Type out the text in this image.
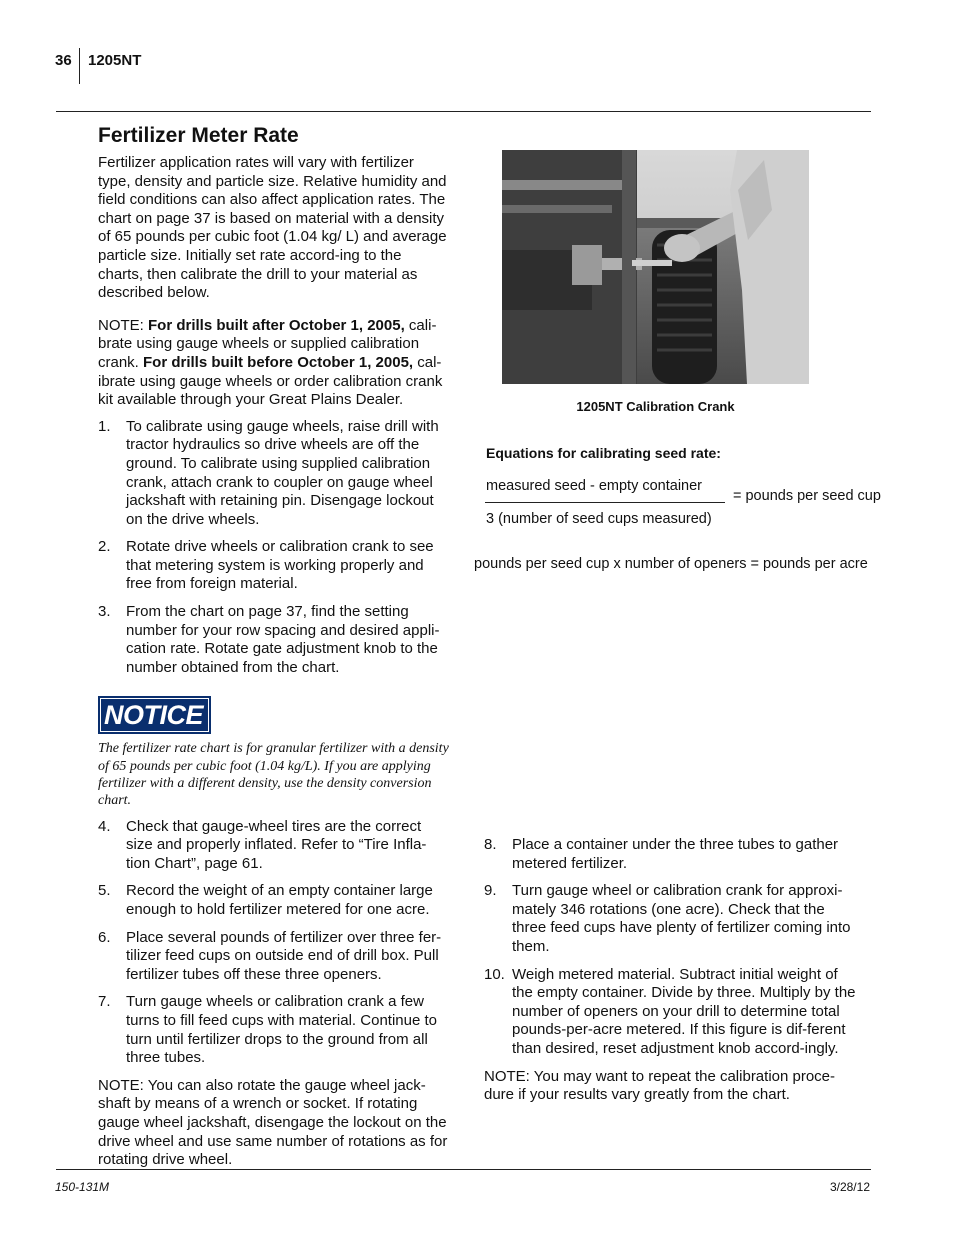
36 1205NT
Fertilizer Meter Rate

Fertilizer application rates will vary with fertilizer type, density and particle size. Relative humidity and field conditions can also affect application rates. The chart on page 37 is based on material with a density of 65 pounds per cubic foot (1.04 kg/ L) and average particle size. Initially set rate accord-ing to the charts, then calibrate the drill to your material as described below.

NOTE: For drills built after October 1, 2005, cali-brate using gauge wheels or supplied calibration crank. For drills built before October 1, 2005, cal-ibrate using gauge wheels or order calibration crank kit available through your Great Plains Dealer.

1. To calibrate using gauge wheels, raise drill with tractor hydraulics so drive wheels are off the ground. To calibrate using supplied calibration crank, attach crank to coupler on gauge wheel jackshaft with retaining pin. Disengage lockout on the drive wheels.
2. Rotate drive wheels or calibration crank to see that metering system is working properly and free from foreign material.
3. From the chart on page 37, find the setting number for your row spacing and desired appli-cation rate. Rotate gate adjustment knob to the number obtained from the chart.
NOTICE

The fertilizer rate chart is for granular fertilizer with a density of 65 pounds per cubic foot (1.04 kg/L). If you are applying fertilizer with a different density, use the density conversion chart.

4. Check that gauge-wheel tires are the correct size and properly inflated. Refer to “Tire Infla-tion Chart”, page 61.
5. Record the weight of an empty container large enough to hold fertilizer metered for one acre.
6. Place several pounds of fertilizer over three fer-tilizer feed cups on outside end of drill box. Pull fertilizer tubes off these three openers.
7. Turn gauge wheels or calibration crank a few turns to fill feed cups with material. Continue to turn until fertilizer drops to the ground from all three tubes.

NOTE: You can also rotate the gauge wheel jack-shaft by means of a wrench or socket. If rotating gauge wheel jackshaft, disengage the lockout on the drive wheel and use same number of rotations as for rotating drive wheel.

1205NT Calibration Crank
Equations for calibrating seed rate:
measured seed - empty container
3 (number of seed cups measured)
= pounds per seed cup
pounds per seed cup x number of openers = pounds per acre
8. Place a container under the three tubes to gather metered fertilizer.
9. Turn gauge wheel or calibration crank for approxi-mately 346 rotations (one acre). Check that the three feed cups have plenty of fertilizer coming into them.
10. Weigh metered material. Subtract initial weight of the empty container. Divide by three. Multiply by the number of openers on your drill to determine total pounds-per-acre metered. If this figure is dif-ferent than desired, reset adjustment knob accord-ingly.

NOTE: You may want to repeat the calibration proce-dure if your results vary greatly from the chart.

150-131M	3/28/12
